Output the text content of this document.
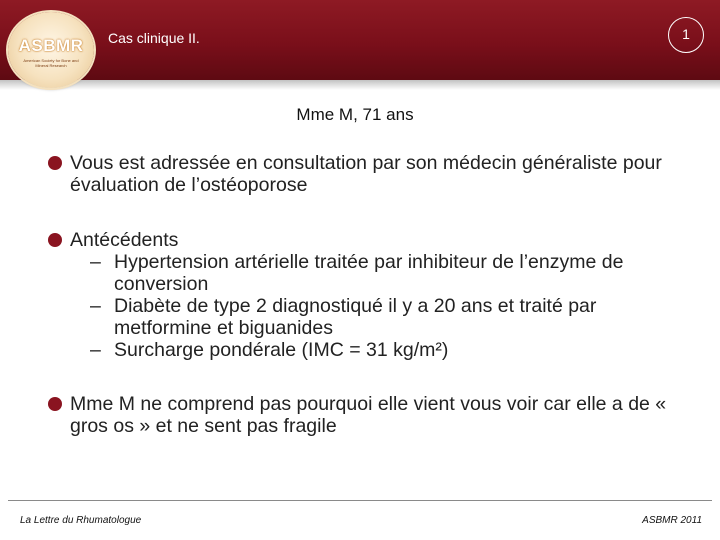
ASBMR
American Society for Bone and Mineral Research
Cas clinique II.	1
Mme M, 71 ans
Vous est adressée en consultation par son médecin généraliste pour évaluation de l’ostéoporose
Antécédents
– Hypertension artérielle traitée par inhibiteur de l’enzyme de conversion
– Diabète de type 2 diagnostiqué il y a 20 ans et traité par metformine et biguanides
– Surcharge pondérale (IMC = 31 kg/m²)
Mme M ne comprend pas pourquoi elle vient vous voir car elle a de « gros os » et ne sent pas fragile
La Lettre du Rhumatologue	ASBMR 2011
